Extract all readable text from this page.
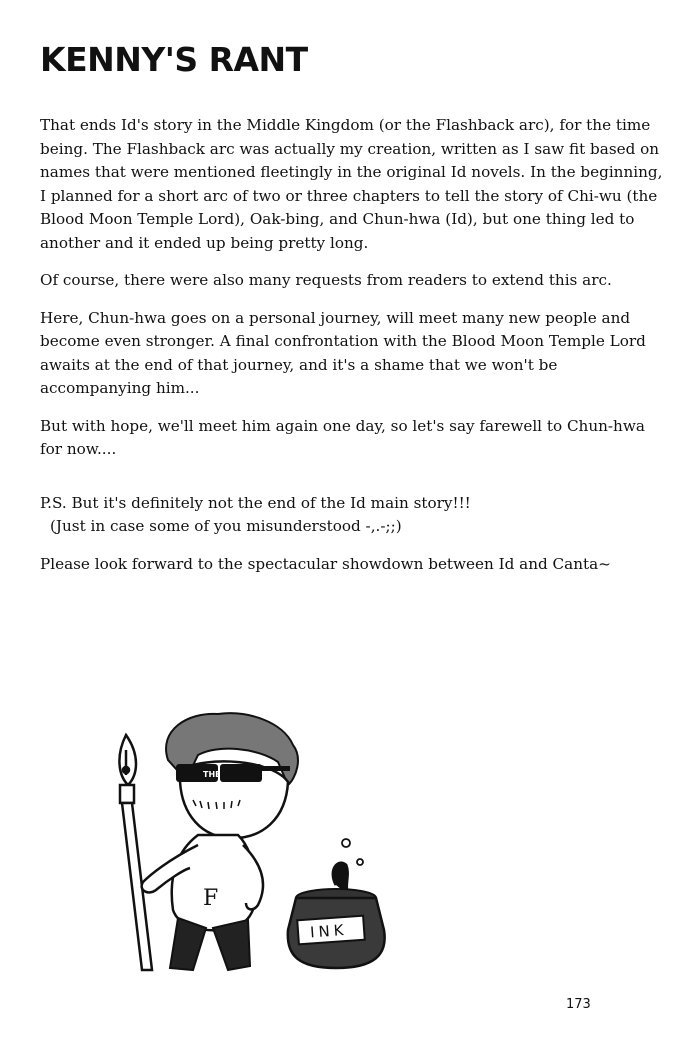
KENNY'S RANT

That ends Id's story in the Middle Kingdom (or the Flashback arc), for the time being. The Flashback arc was actually my creation, written as I saw fit based on names that were mentioned fleetingly in the original Id novels. In the beginning, I planned for a short arc of two or three chapters to tell the story of Chi-wu (the Blood Moon Temple Lord), Oak-bing, and Chun-hwa (Id), but one thing led to another and it ended up being pretty long.

Of course, there were also many requests from readers to extend this arc.

Here, Chun-hwa goes on a personal journey, will meet many new people and become even stronger. A final confrontation with the Blood Moon Temple Lord awaits at the end of that journey, and it's a shame that we won't be accompanying him...

But with hope, we'll meet him again one day, so let's say farewell to Chun-hwa for now....

P.S. But it's definitely not the end of the Id main story!!!

(Just in case some of you misunderstood -,.-;;)

Please look forward to the spectacular showdown between Id and Canta~

THE
F
INK
173
